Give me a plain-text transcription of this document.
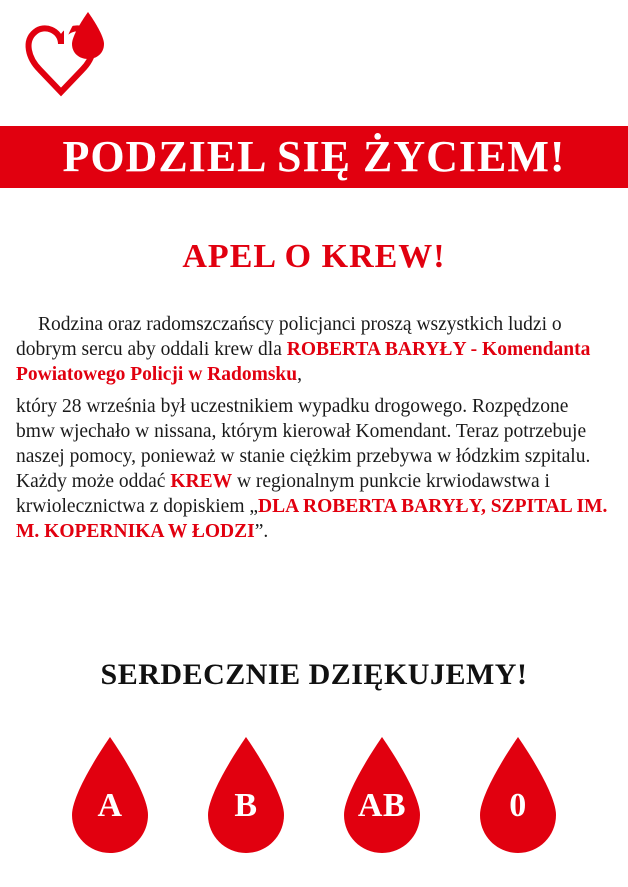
PODZIEL SIĘ ŻYCIEM!
APEL O KREW!

Rodzina oraz radomszczańscy policjanci proszą wszystkich ludzi o dobrym sercu aby oddali krew dla ROBERTA BARYŁY - Komendanta Powiatowego Policji w Radomsku,

który 28 września był uczestnikiem wypadku drogowego. Rozpędzone bmw wjechało w nissana, którym kierował Komendant. Teraz potrzebuje naszej pomocy, ponieważ w stanie ciężkim przebywa w łódzkim szpitalu.

Każdy może oddać KREW w regionalnym punkcie krwiodawstwa i krwiolecznictwa z dopiskiem „DLA ROBERTA BARYŁY, SZPITAL IM. M. KOPERNIKA W ŁODZI”.

SERDECZNIE DZIĘKUJEMY!
A	B	AB	0
